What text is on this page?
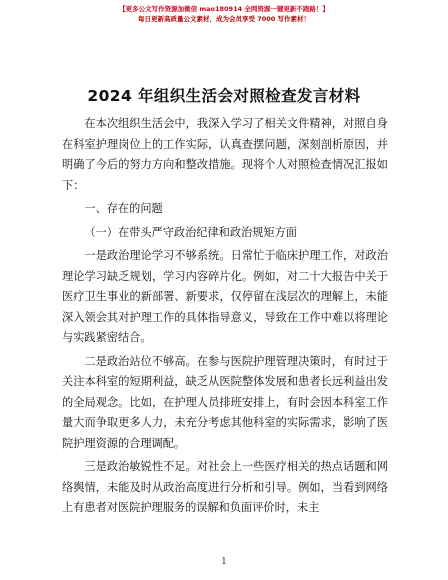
【更多公文写作资源加微信 mao180914 全网资源一键更新不跑路！】
每日更新高质量公文素材，成为会员享受 7000 写作素材！
2024 年组织生活会对照检查发言材料

在本次组织生活会中，我深入学习了相关文件精神，对照自身在科室护理岗位上的工作实际，认真查摆问题，深刻剖析原因，并明确了今后的努力方向和整改措施。现将个人对照检查情况汇报如下：

一、存在的问题

（一）在带头严守政治纪律和政治规矩方面

一是政治理论学习不够系统。日常忙于临床护理工作，对政治理论学习缺乏规划，学习内容碎片化。例如，对二十大报告中关于医疗卫生事业的新部署、新要求，仅停留在浅层次的理解上，未能深入领会其对护理工作的具体指导意义，导致在工作中难以将理论与实践紧密结合。

二是政治站位不够高。在参与医院护理管理决策时，有时过于关注本科室的短期利益，缺乏从医院整体发展和患者长远利益出发的全局观念。比如，在护理人员排班安排上，有时会因本科室工作量大而争取更多人力，未充分考虑其他科室的实际需求，影响了医院护理资源的合理调配。

三是政治敏锐性不足。对社会上一些医疗相关的热点话题和网络舆情，未能及时从政治高度进行分析和引导。例如，当看到网络上有患者对医院护理服务的误解和负面评价时，未主

1
